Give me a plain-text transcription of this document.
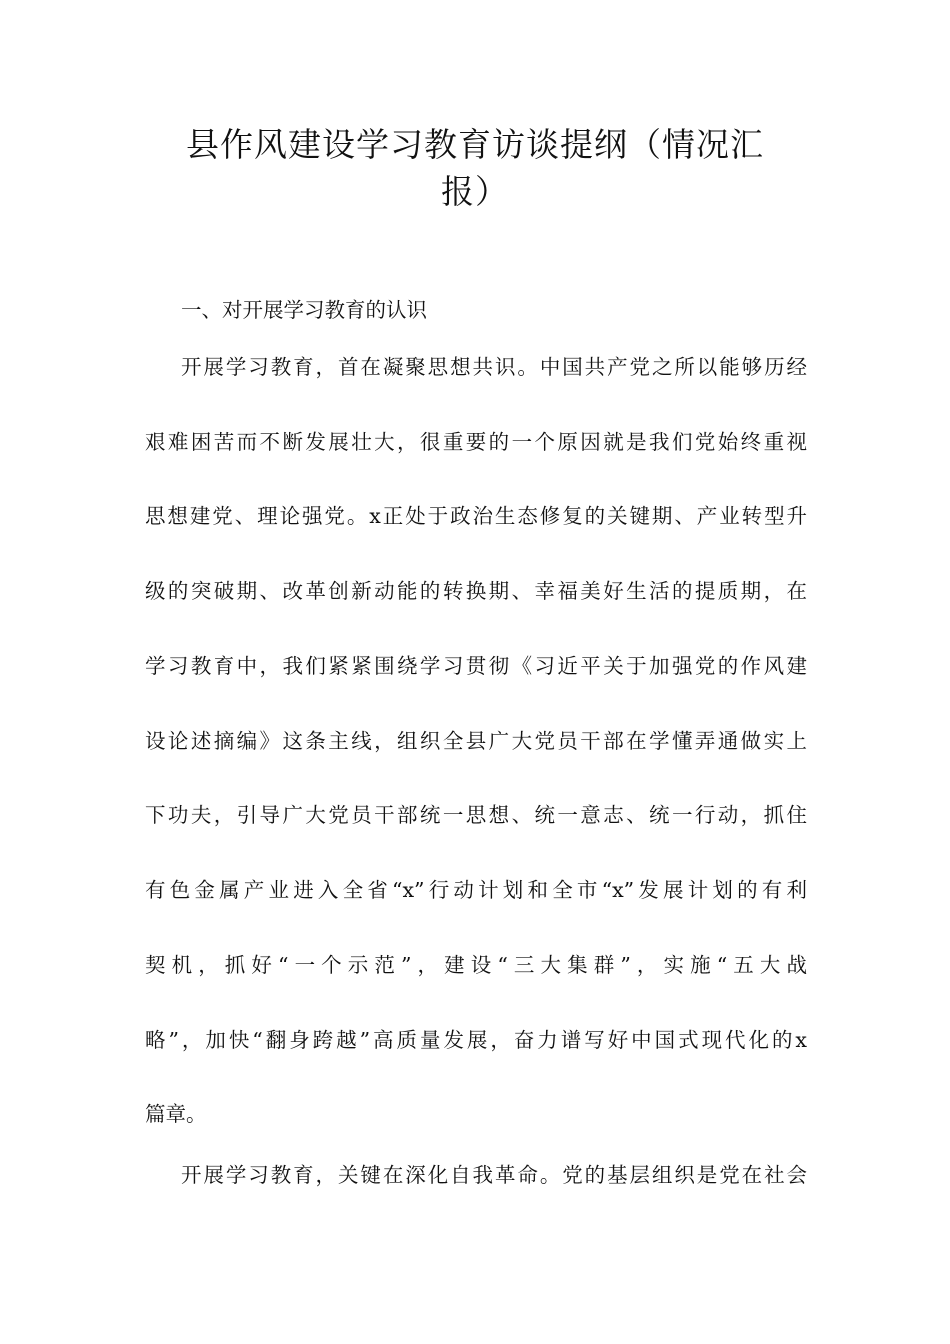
县作风建设学习教育访谈提纲（情况汇
报）
一、对开展学习教育的认识
开展学习教育，首在凝聚思想共识。中国共产党之所以能够历经
艰难困苦而不断发展壮大，很重要的一个原因就是我们党始终重视
思想建党、理论强党。x正处于政治生态修复的关键期、产业转型升
级的突破期、改革创新动能的转换期、幸福美好生活的提质期，在
学习教育中，我们紧紧围绕学习贯彻《习近平关于加强党的作风建
设论述摘编》这条主线，组织全县广大党员干部在学懂弄通做实上
下功夫，引导广大党员干部统一思想、统一意志、统一行动，抓住
有色金属产业进入全省“x”行动计划和全市“x”发展计划的有利
契机，抓好“一个示范”，建设“三大集群”，实施“五大战
略”，加快“翻身跨越”高质量发展，奋力谱写好中国式现代化的x
篇章。
开展学习教育，关键在深化自我革命。党的基层组织是党在社会
